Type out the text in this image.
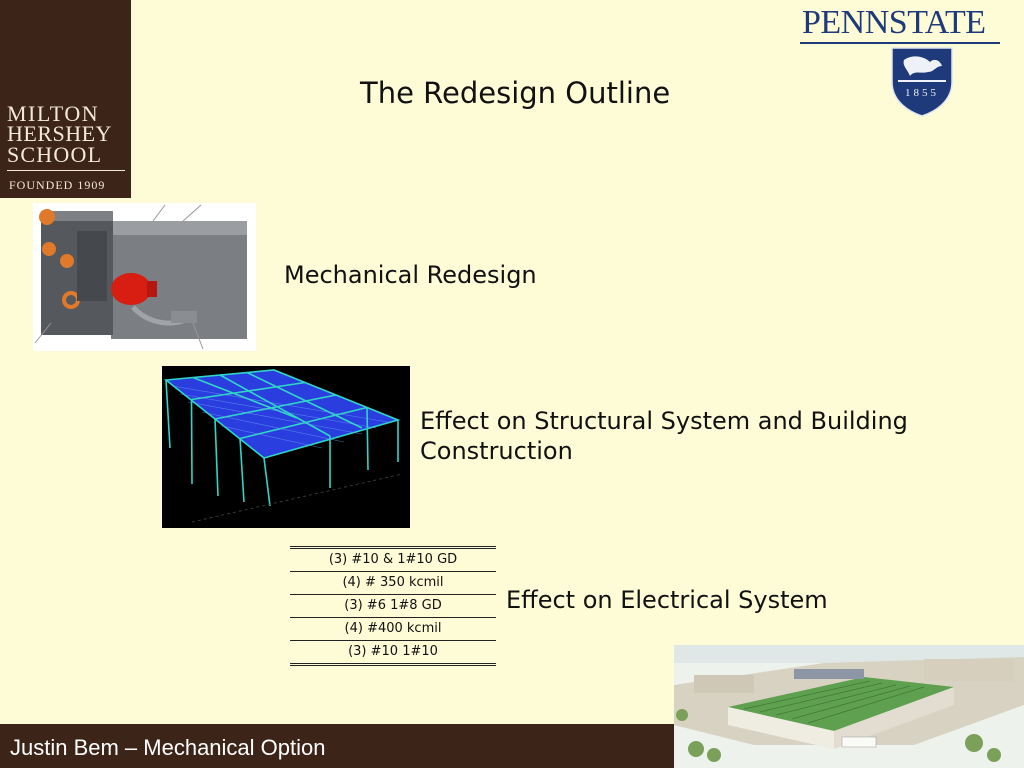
MILTON
HERSHEY
SCHOOL
FOUNDED 1909
PENNSTATE
1855
The Redesign Outline
Mechanical Redesign
Effect on Structural System and Building Construction
(3) #10 & 1#10 GD
(4) # 350 kcmil
(3) #6 1#8 GD
(4) #400 kcmil
(3) #10 1#10
Effect on Electrical System
Justin Bem – Mechanical Option
